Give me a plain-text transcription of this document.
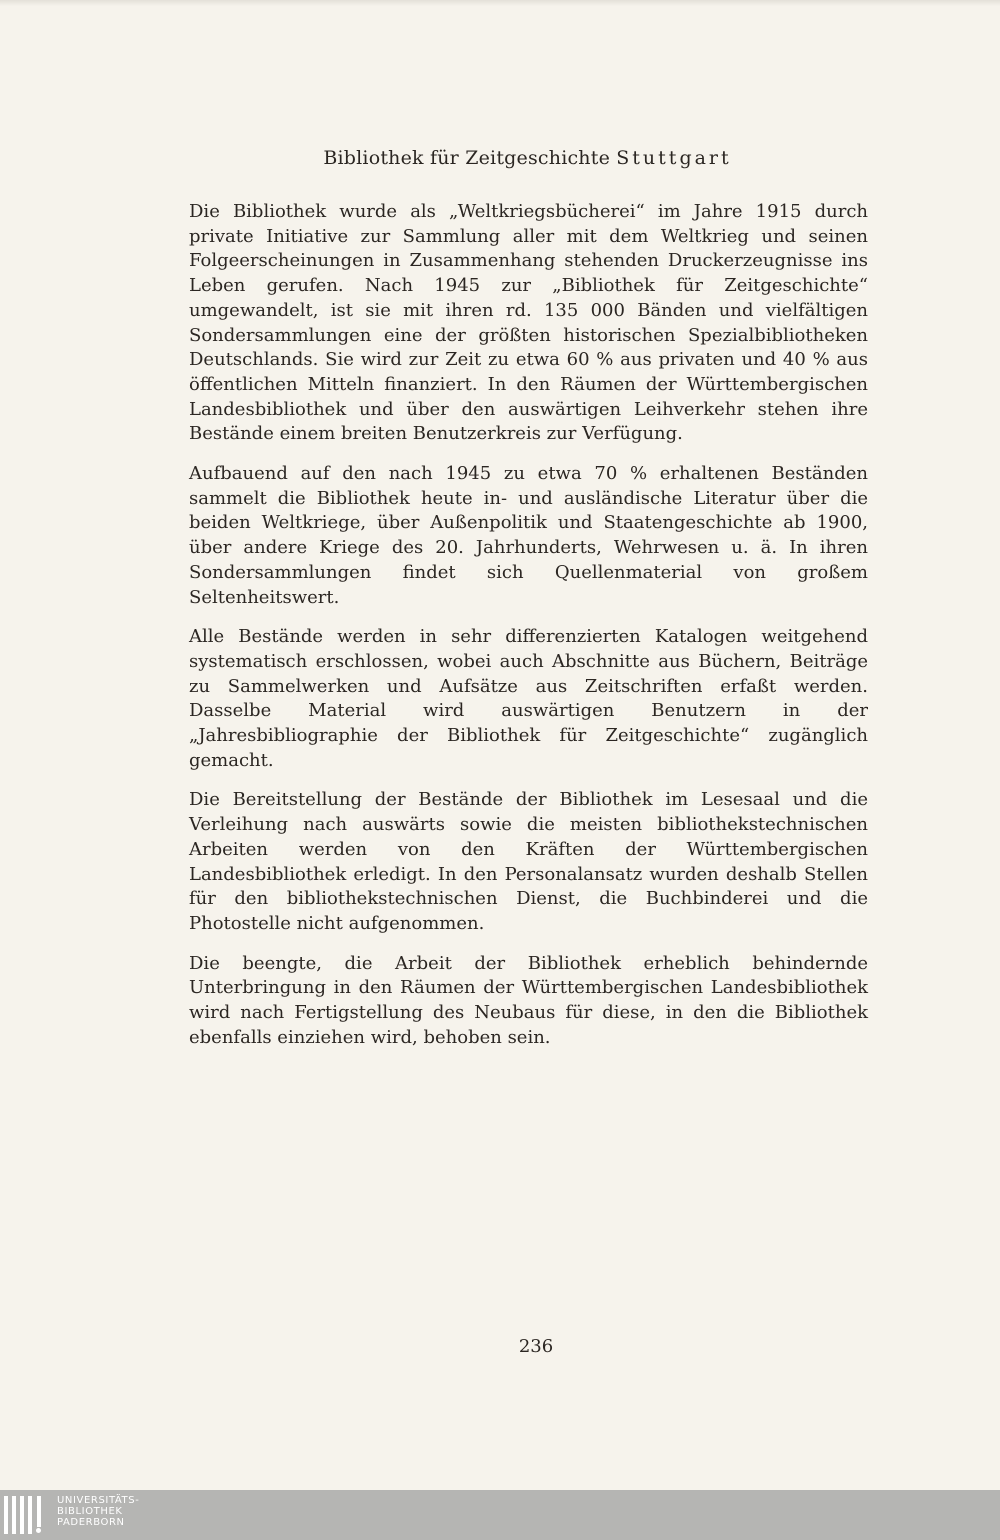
Bibliothek für Zeitgeschichte Stuttgart

Die Bibliothek wurde als „Weltkriegsbücherei“ im Jahre 1915 durch private Initiative zur Sammlung aller mit dem Weltkrieg und seinen Folgeerscheinungen in Zusammenhang stehenden Druckerzeugnisse ins Leben gerufen. Nach 1945 zur „Bibliothek für Zeitgeschichte“ umgewandelt, ist sie mit ihren rd. 135 000 Bänden und vielfältigen Sondersammlungen eine der größten historischen Spezialbibliotheken Deutschlands. Sie wird zur Zeit zu etwa 60 % aus privaten und 40 % aus öffentlichen Mitteln finanziert. In den Räumen der Württembergischen Landesbibliothek und über den auswärtigen Leihverkehr stehen ihre Bestände einem breiten Benutzerkreis zur Verfügung.

Aufbauend auf den nach 1945 zu etwa 70 % erhaltenen Beständen sammelt die Bibliothek heute in- und ausländische Literatur über die beiden Weltkriege, über Außenpolitik und Staatengeschichte ab 1900, über andere Kriege des 20. Jahrhunderts, Wehrwesen u. ä. In ihren Sondersammlungen findet sich Quellenmaterial von großem Seltenheitswert.

Alle Bestände werden in sehr differenzierten Katalogen weitgehend systematisch erschlossen, wobei auch Abschnitte aus Büchern, Beiträge zu Sammelwerken und Aufsätze aus Zeitschriften erfaßt werden. Dasselbe Material wird auswärtigen Benutzern in der „Jahresbibliographie der Bibliothek für Zeitgeschichte“ zugänglich gemacht.

Die Bereitstellung der Bestände der Bibliothek im Lesesaal und die Verleihung nach auswärts sowie die meisten bibliothekstechnischen Arbeiten werden von den Kräften der Württembergischen Landesbibliothek erledigt. In den Personalansatz wurden deshalb Stellen für den bibliothekstechnischen Dienst, die Buchbinderei und die Photostelle nicht aufgenommen.

Die beengte, die Arbeit der Bibliothek erheblich behindernde Unterbringung in den Räumen der Württembergischen Landesbibliothek wird nach Fertigstellung des Neubaus für diese, in den die Bibliothek ebenfalls einziehen wird, behoben sein.

236

UNIVERSITÄTS-
BIBLIOTHEK
PADERBORN
